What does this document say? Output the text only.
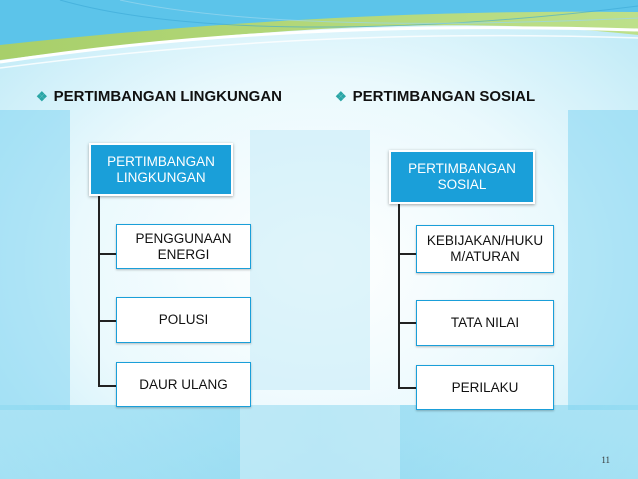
❖ PERTIMBANGAN LINGKUNGAN	❖ PERTIMBANGAN SOSIAL
PERTIMBANGAN LINGKUNGAN
PENGGUNAAN ENERGI
POLUSI
DAUR ULANG
PERTIMBANGAN SOSIAL
KEBIJAKAN/HUKUM/ATURAN
TATA NILAI
PERILAKU
11
